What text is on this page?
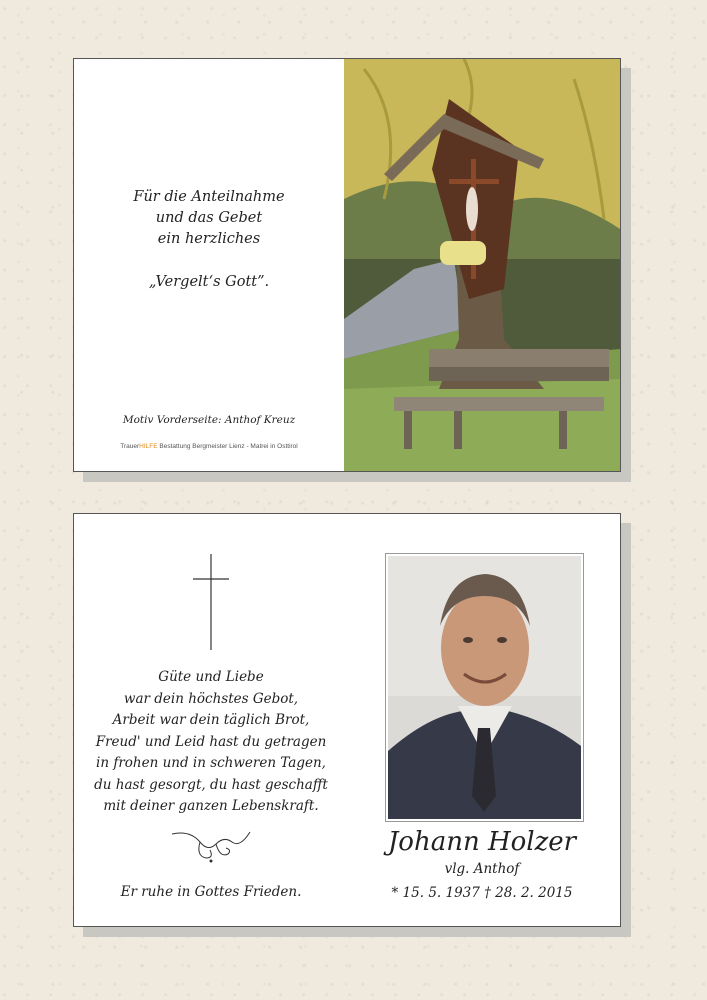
Für die Anteilnahme
und das Gebet
ein herzliches
„Vergelt‘s Gott”.
Motiv Vorderseite: Anthof Kreuz
TrauerHILFE Bestattung Bergmeister Lienz - Matrei in Osttirol
Güte und Liebe
war dein höchstes Gebot,
Arbeit war dein täglich Brot,
Freud' und Leid hast du getragen
in frohen und in schweren Tagen,
du hast gesorgt, du hast geschafft
mit deiner ganzen Lebenskraft.
Er ruhe in Gottes Frieden.
Johann Holzer
vlg. Anthof
* 15. 5. 1937 † 28. 2. 2015
